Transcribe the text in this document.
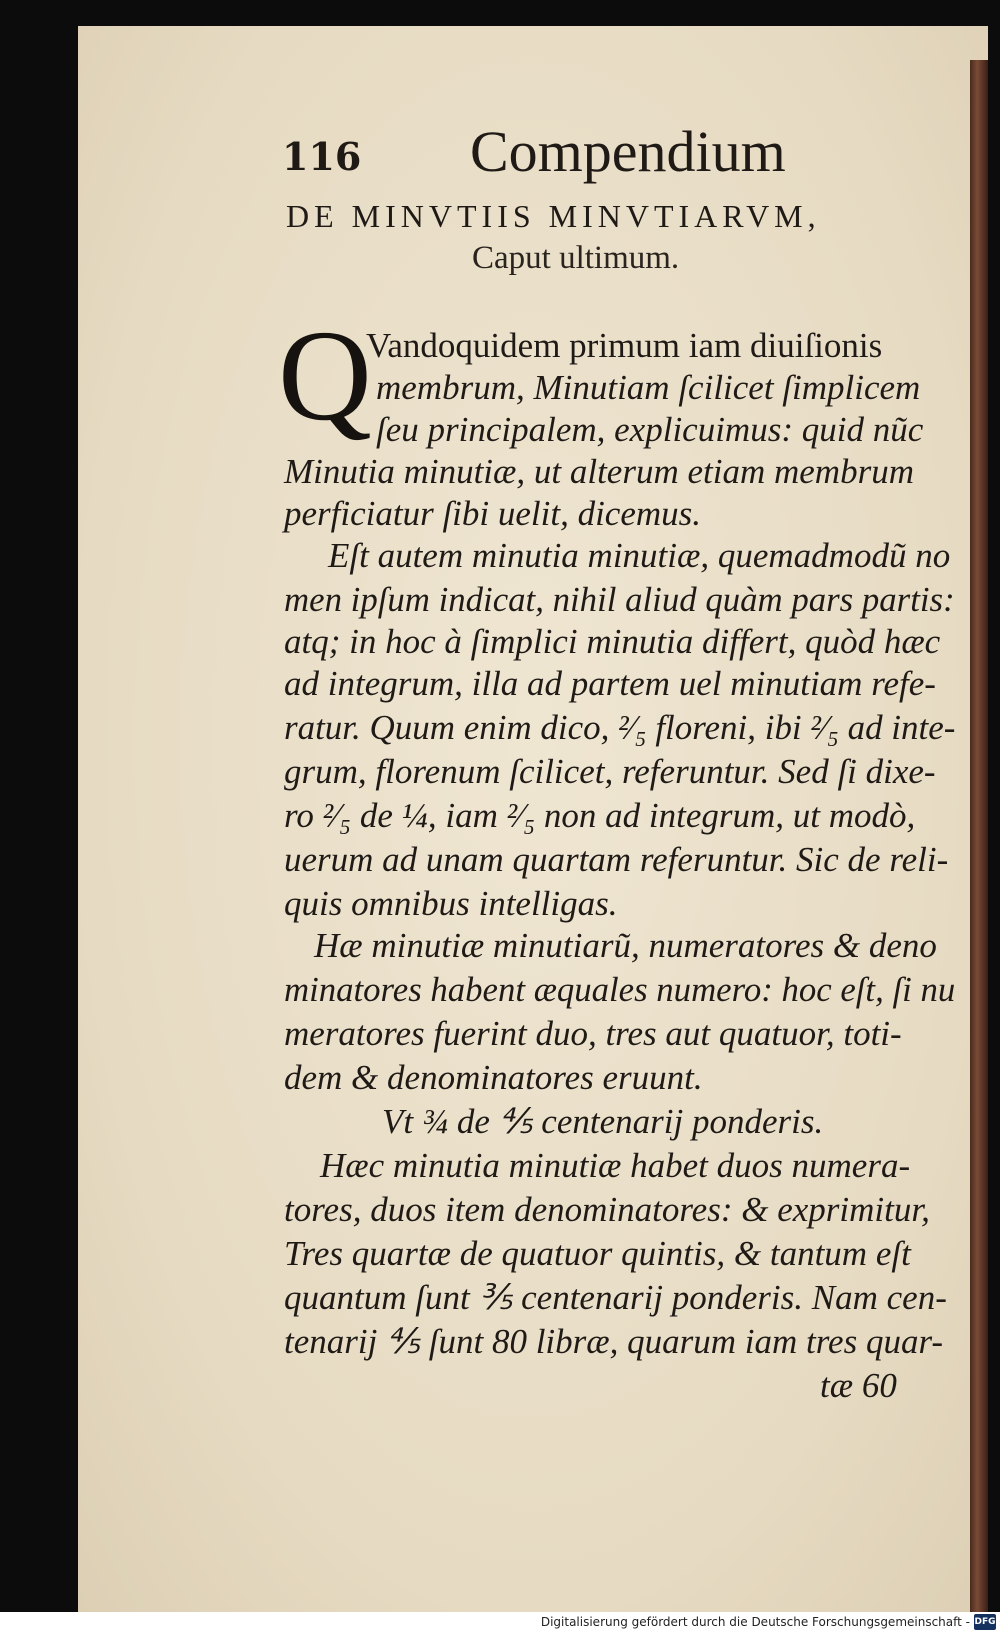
116 Compendium
DE MINVTIIS MINVTIARVM,
Caput ultimum.
Q
Vandoquidem primum iam diuiſionis
membrum, Minutiam ſcilicet ſimplicem
ſeu principalem, explicuimus: quid nũc
Minutia minutiæ, ut alterum etiam membrum
perficiatur ſibi uelit, dicemus.
Eſt autem minutia minutiæ, quemadmodũ no
men ipſum indicat, nihil aliud quàm pars partis:
atq; in hoc à ſimplici minutia differt, quòd hæc
ad integrum, illa ad partem uel minutiam refe-
ratur. Quum enim dico, ²⁄₅ floreni, ibi ²⁄₅ ad inte-
grum, florenum ſcilicet, referuntur. Sed ſi dixe-
ro ²⁄₅ de ¼, iam ²⁄₅ non ad integrum, ut modò,
uerum ad unam quartam referuntur. Sic de reli-
quis omnibus intelligas.
Hæ minutiæ minutiarũ, numeratores & deno
minatores habent æquales numero: hoc eſt, ſi nu
meratores fuerint duo, tres aut quatuor, toti-
dem & denominatores eruunt.
Vt ¾ de ⅘ centenarij ponderis.
Hæc minutia minutiæ habet duos numera-
tores, duos item denominatores: & exprimitur,
Tres quartæ de quatuor quintis, & tantum eſt
quantum ſunt ⅗ centenarij ponderis. Nam cen-
tenarij ⅘ ſunt 80 libræ, quarum iam tres quar-
tæ 60
Digitalisierung gefördert durch die Deutsche Forschungsgemeinschaft - DFG
